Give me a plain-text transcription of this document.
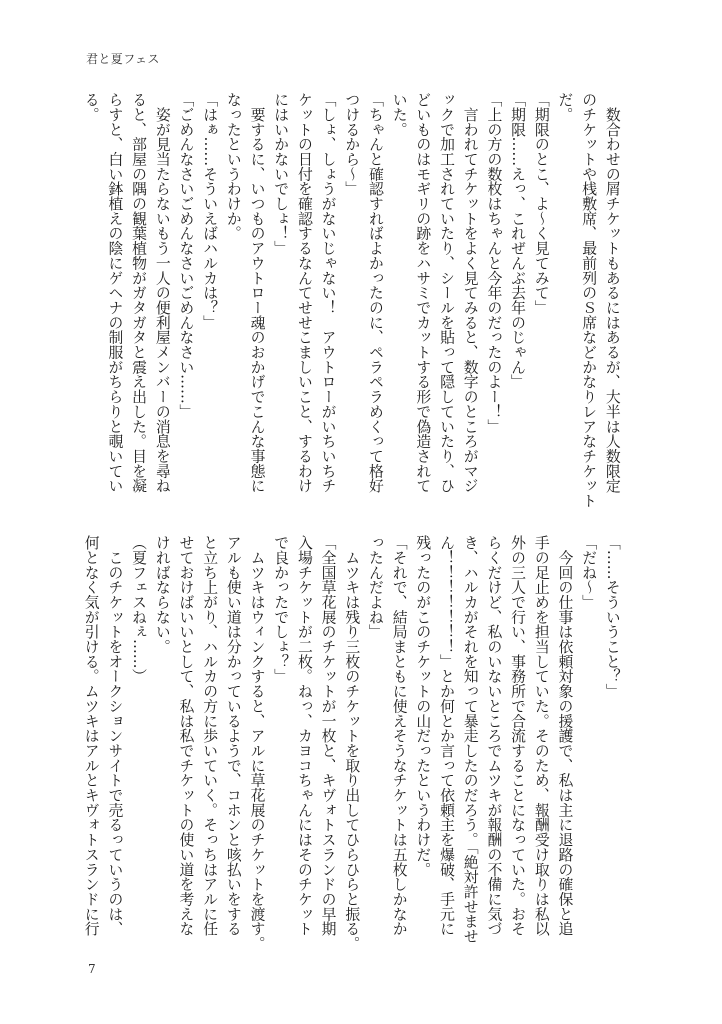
君と夏フェス
　数合わせの屑チケットもあるにはあるが、大半は人数限定
のチケットや桟敷席、最前列のＳ席などかなりレアなチケット
だ。
「期限のとこ、よ～く見てみて」
「期限……えっ、これぜんぶ去年のじゃん」
「上の方の数枚はちゃんと今年のだったのよー！」
　言われてチケットをよく見てみると、数字のところがマジ
ックで加工されていたり、シールを貼って隠していたり、ひ
どいものはモギリの跡をハサミでカットする形で偽造されて
いた。
「ちゃんと確認すればよかったのに、ペラペラめくって格好
つけるから～」
「しょ、しょうがないじゃない！　アウトローがいちいちチ
ケットの日付を確認するなんてせせこましいこと、するわけ
にはいかないでしょ！」
　要するに、いつものアウトロー魂のおかげでこんな事態に
なったというわけか。
「はぁ……そういえばハルカは？」
「ごめんなさいごめんなさいごめんなさい……」
　姿が見当たらないもう一人の便利屋メンバーの消息を尋ね
ると、部屋の隅の観葉植物がガタガタと震え出した。目を凝
らすと、白い鉢植えの陰にゲヘナの制服がちらりと覗いてい
る。
「……そういうこと？」
「だね～」
　今回の仕事は依頼対象の援護で、私は主に退路の確保と追
手の足止めを担当していた。そのため、報酬受け取りは私以
外の三人で行い、事務所で合流することになっていた。おそ
らくだけど、私のいないところでムツキが報酬の不備に気づ
き、ハルカがそれを知って暴走したのだろう。「絶対許せませ
ん！！！！！！！」とか何とか言って依頼主を爆破、手元に
残ったのがこのチケットの山だったというわけだ。
「それで、結局まともに使えそうなチケットは五枚しかなか
ったんだよね」
　ムツキは残り三枚のチケットを取り出してひらひらと振る。
「全国草花展のチケットが一枚と、キヴォトスランドの早期
入場チケットが二枚。ねっ、カヨコちゃんにはそのチケット
で良かったでしょ？」
　ムツキはウィンクすると、アルに草花展のチケットを渡す。
アルも使い道は分かっているようで、コホンと咳払いをする
と立ち上がり、ハルカの方に歩いていく。そっちはアルに任
せておけばいいとして、私は私でチケットの使い道を考えな
ければならない。
（夏フェスねぇ……）
　このチケットをオークションサイトで売るっていうのは、
何となく気が引ける。ムツキはアルとキヴォトスランドに行
7
